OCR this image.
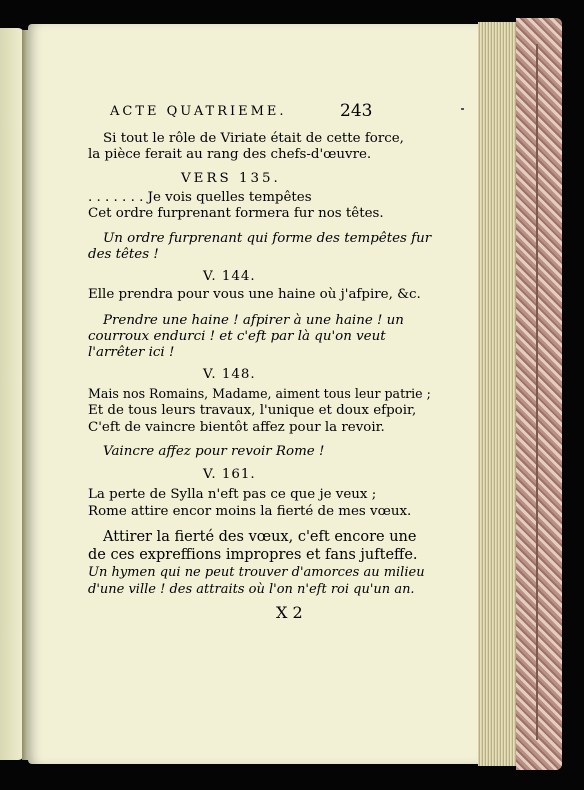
ACTE QUATRIEME.	243
Si tout le rôle de Viriate était de cette force,
la pièce ferait au rang des chefs-d'œuvre.
VERS 135.
. . . . . . . Je vois quelles tempêtes
Cet ordre furprenant formera fur nos têtes.
Un ordre furprenant qui forme des tempêtes fur
des têtes !
V. 144.
Elle prendra pour vous une haine où j'afpire, &c.
Prendre une haine ! afpirer à une haine ! un
courroux endurci ! et c'eft par là qu'on veut
l'arrêter ici !
V. 148.
Mais nos Romains, Madame, aiment tous leur patrie ;
Et de tous leurs travaux, l'unique et doux efpoir,
C'eft de vaincre bientôt affez pour la revoir.
Vaincre affez pour revoir Rome !
V. 161.
La perte de Sylla n'eft pas ce que je veux ;
Rome attire encor moins la fierté de mes vœux.
Attirer la fierté des vœux, c'eft encore une
de ces expreffions impropres et fans jufteffe.
Un hymen qui ne peut trouver d'amorces au milieu
d'une ville ! des attraits où l'on n'eft roi qu'un an.
X 2
